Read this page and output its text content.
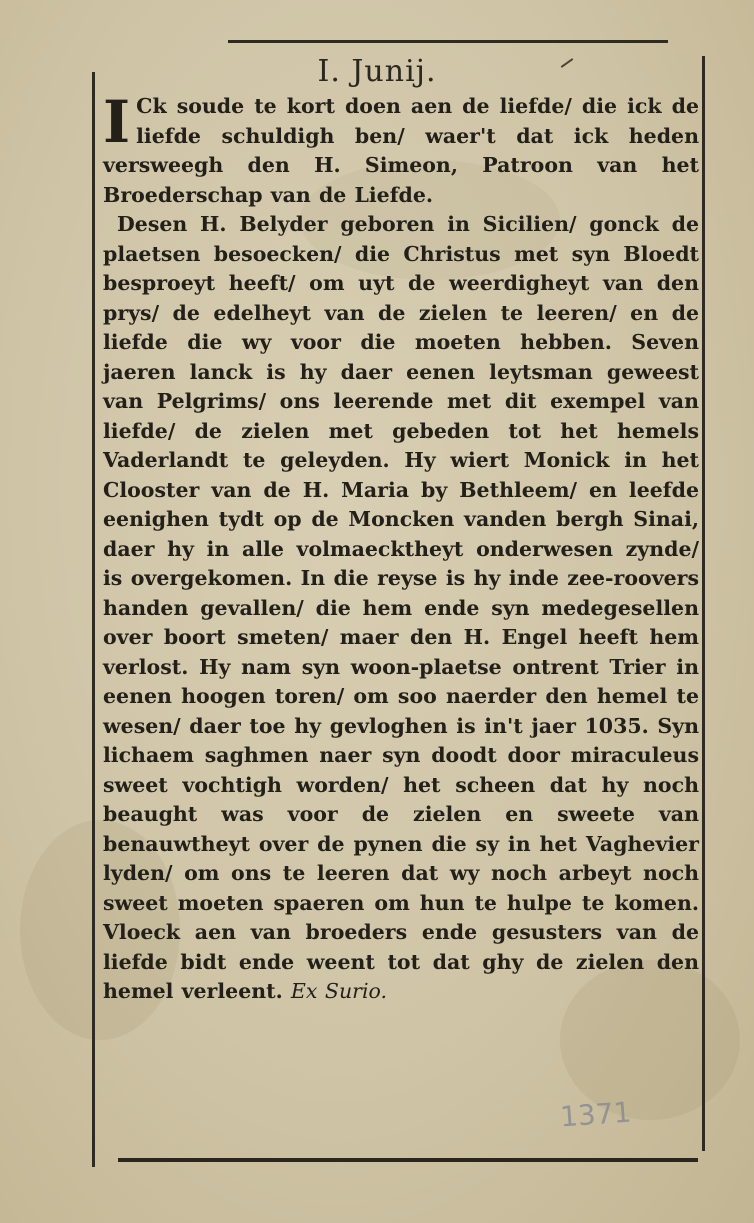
I. Junij.

I Ck soude te kort doen aen de liefde/ die ick de liefde schuldigh ben/ waer't dat ick heden versweegh den H. Simeon, Patroon van het Broederschap van de Liefde.

Desen H. Belyder geboren in Sicilien/ gonck de plaetsen besoecken/ die Christus met syn Bloedt besproeyt heeft/ om uyt de weerdigheyt van den prys/ de edelheyt van de zielen te leeren/ en de liefde die wy voor die moeten hebben. Seven jaeren lanck is hy daer eenen leytsman geweest van Pelgrims/ ons leerende met dit exempel van liefde/ de zielen met gebeden tot het hemels Vaderlandt te geleyden. Hy wiert Monick in het Clooster van de H. Maria by Bethleem/ en leefde eenighen tydt op de Moncken vanden bergh Sinai, daer hy in alle volmaecktheyt onderwesen zynde/ is overgekomen. In die reyse is hy inde zee-roovers handen gevallen/ die hem ende syn medegesellen over boort smeten/ maer den H. Engel heeft hem verlost. Hy nam syn woon-plaetse ontrent Trier in eenen hoogen toren/ om soo naerder den hemel te wesen/ daer toe hy gevloghen is in't jaer 1035. Syn lichaem saghmen naer syn doodt door miraculeus sweet vochtigh worden/ het scheen dat hy noch beaught was voor de zielen en sweete van benauwtheyt over de pynen die sy in het Vaghevier lyden/ om ons te leeren dat wy noch arbeyt noch sweet moeten spaeren om hun te hulpe te komen. Vloeck aen van broeders ende gesusters van de liefde bidt ende weent tot dat ghy de zielen den hemel verleent. Ex Surio.

1371
